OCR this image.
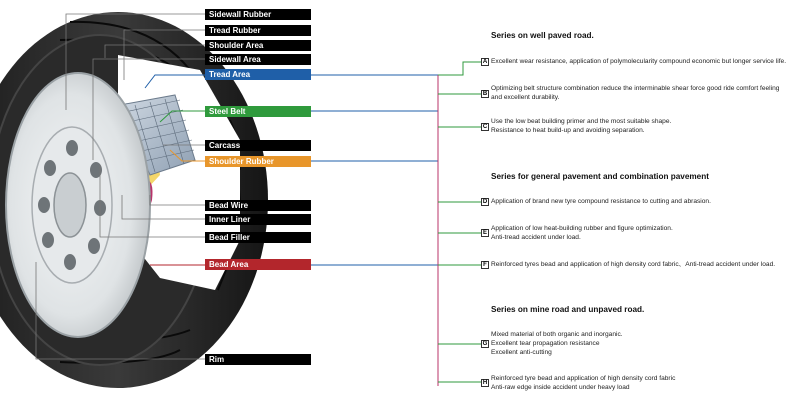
Sidewall Rubber
Tread Rubber
Shoulder Area
Sidewall Area
Tread Area
Steel Belt
Carcass
Shoulder Rubber
Bead Wire
Inner Liner
Bead Filler
Bead Area
Rim
Series on well paved road.
Series for general pavement and combination pavement
Series on mine road and unpaved road.
A Excellent wear resistance, application of polymolecularity compound economic but longer service life.
B
Optimizing belt structure combination reduce the interminable shear force good ride comfort feeling
and excellent durability.
C
Use the low beat building primer and the most suitable shape.
Resistance to heat build-up and avoiding separation.
D Application of brand new tyre compound resistance to cutting and abrasion.
E
Application of low heat-building rubber and figure optimization.
Anti-tread accident under load.
F Reinforced tyres bead and application of high density cord fabric、Anti-tread accident under load.
G
Mixed material of both organic and inorganic.
Excellent tear propagation resistance
Excellent anti-cutting
H
Reinforced tyre bead and application of high density cord fabric
Anti-raw edge inside accident under heavy load
